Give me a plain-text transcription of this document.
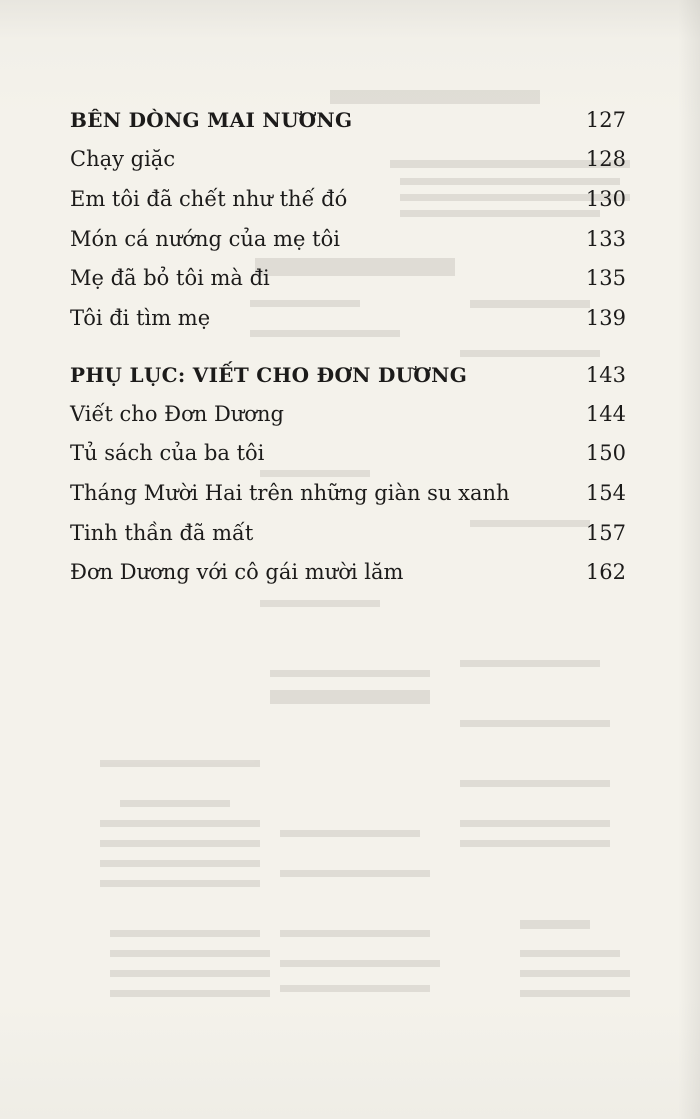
BÊN DÒNG MAI NƯƠNG	127
Chạy giặc	128
Em tôi đã chết như thế đó	130
Món cá nướng của mẹ tôi	133
Mẹ đã bỏ tôi mà đi	135
Tôi đi tìm mẹ	139
PHỤ LỤC: VIẾT CHO ĐƠN DƯƠNG	143
Viết cho Đơn Dương	144
Tủ sách của ba tôi	150
Tháng Mười Hai trên những giàn su xanh	154
Tinh thần đã mất	157
Đơn Dương với cô gái mười lăm	162
